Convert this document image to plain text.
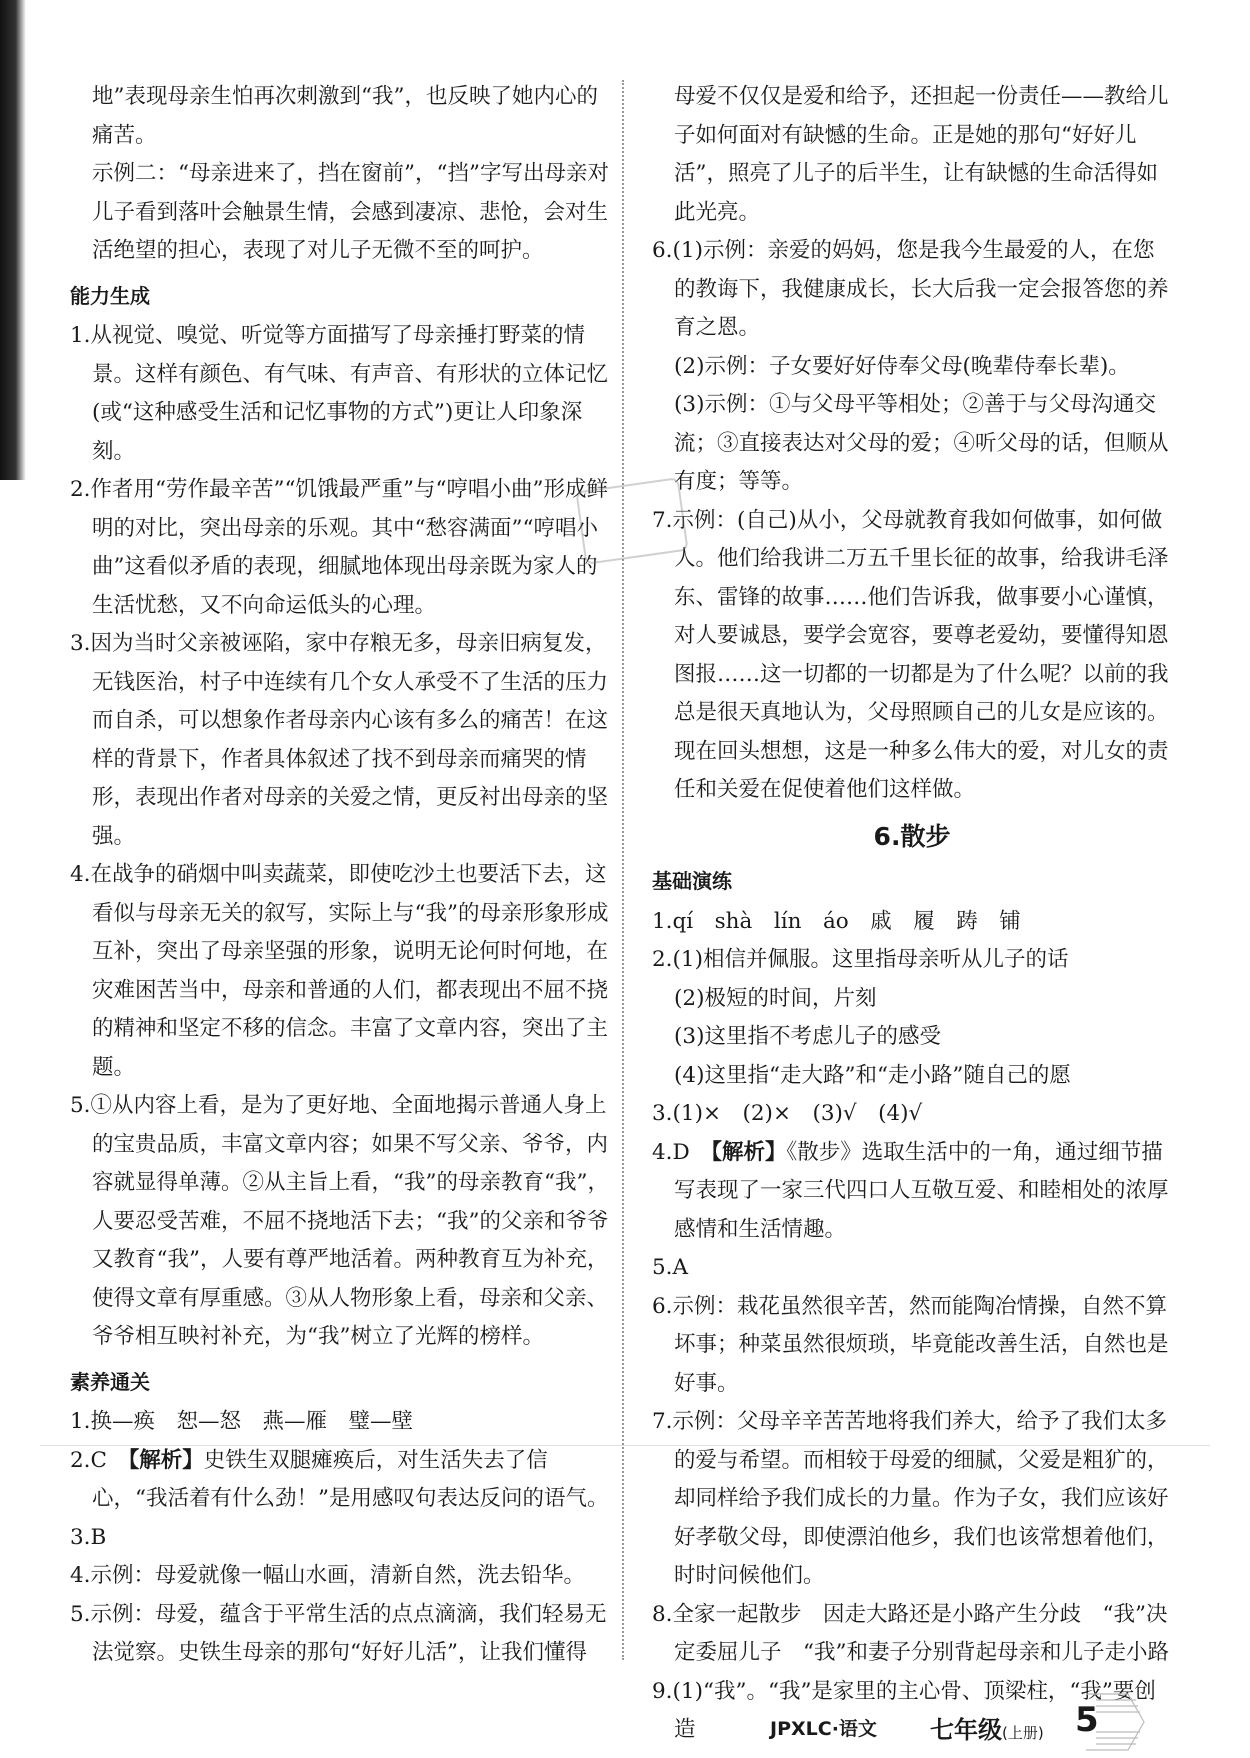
地”表现母亲生怕再次刺激到“我”，也反映了她内心的痛苦。

示例二：“母亲进来了，挡在窗前”，“挡”字写出母亲对儿子看到落叶会触景生情，会感到凄凉、悲怆，会对生活绝望的担心，表现了对儿子无微不至的呵护。

能力生成

1.从视觉、嗅觉、听觉等方面描写了母亲捶打野菜的情景。这样有颜色、有气味、有声音、有形状的立体记忆(或“这种感受生活和记忆事物的方式”)更让人印象深刻。

2.作者用“劳作最辛苦”“饥饿最严重”与“哼唱小曲”形成鲜明的对比，突出母亲的乐观。其中“愁容满面”“哼唱小曲”这看似矛盾的表现，细腻地体现出母亲既为家人的生活忧愁，又不向命运低头的心理。

3.因为当时父亲被诬陷，家中存粮无多，母亲旧病复发，无钱医治，村子中连续有几个女人承受不了生活的压力而自杀，可以想象作者母亲内心该有多么的痛苦！在这样的背景下，作者具体叙述了找不到母亲而痛哭的情形，表现出作者对母亲的关爱之情，更反衬出母亲的坚强。

4.在战争的硝烟中叫卖蔬菜，即使吃沙土也要活下去，这看似与母亲无关的叙写，实际上与“我”的母亲形象形成互补，突出了母亲坚强的形象，说明无论何时何地，在灾难困苦当中，母亲和普通的人们，都表现出不屈不挠的精神和坚定不移的信念。丰富了文章内容，突出了主题。

5.①从内容上看，是为了更好地、全面地揭示普通人身上的宝贵品质，丰富文章内容；如果不写父亲、爷爷，内容就显得单薄。②从主旨上看，“我”的母亲教育“我”，人要忍受苦难，不屈不挠地活下去；“我”的父亲和爷爷又教育“我”，人要有尊严地活着。两种教育互为补充，使得文章有厚重感。③从人物形象上看，母亲和父亲、爷爷相互映衬补充，为“我”树立了光辉的榜样。

素养通关

1.换—痪　恕—怒　燕—雁　璧—壁

2.C　【解析】史铁生双腿瘫痪后，对生活失去了信心，“我活着有什么劲！”是用感叹句表达反问的语气。

3.B

4.示例：母爱就像一幅山水画，清新自然，洗去铅华。

5.示例：母爱，蕴含于平常生活的点点滴滴，我们轻易无法觉察。史铁生母亲的那句“好好儿活”，让我们懂得

母爱不仅仅是爱和给予，还担起一份责任——教给儿子如何面对有缺憾的生命。正是她的那句“好好儿活”，照亮了儿子的后半生，让有缺憾的生命活得如此光亮。

6.(1)示例：亲爱的妈妈，您是我今生最爱的人，在您的教诲下，我健康成长，长大后我一定会报答您的养育之恩。

(2)示例：子女要好好侍奉父母(晚辈侍奉长辈)。

(3)示例：①与父母平等相处；②善于与父母沟通交流；③直接表达对父母的爱；④听父母的话，但顺从有度；等等。

7.示例：(自己)从小，父母就教育我如何做事，如何做人。他们给我讲二万五千里长征的故事，给我讲毛泽东、雷锋的故事……他们告诉我，做事要小心谨慎，对人要诚恳，要学会宽容，要尊老爱幼，要懂得知恩图报……这一切都的一切都是为了什么呢？以前的我总是很天真地认为，父母照顾自己的儿女是应该的。现在回头想想，这是一种多么伟大的爱，对儿女的责任和关爱在促使着他们这样做。

6.散步
基础演练

1.qí　shà　lín　áo　戚　履　踌　铺

2.(1)相信并佩服。这里指母亲听从儿子的话

(2)极短的时间，片刻

(3)这里指不考虑儿子的感受

(4)这里指“走大路”和“走小路”随自己的愿

3.(1)×　(2)×　(3)√　(4)√

4.D　【解析】《散步》选取生活中的一角，通过细节描写表现了一家三代四口人互敬互爱、和睦相处的浓厚感情和生活情趣。

5.A

6.示例：栽花虽然很辛苦，然而能陶冶情操，自然不算坏事；种菜虽然很烦琐，毕竟能改善生活，自然也是好事。

7.示例：父母辛辛苦苦地将我们养大，给予了我们太多的爱与希望。而相较于母爱的细腻，父爱是粗犷的，却同样给予我们成长的力量。作为子女，我们应该好好孝敬父母，即使漂泊他乡，我们也该常想着他们，时时问候他们。

8.全家一起散步　因走大路还是小路产生分歧　“我”决定委屈儿子　“我”和妻子分别背起母亲和儿子走小路

9.(1)“我”。“我”是家里的主心骨、顶梁柱，“我”要创造	JPXLC·语文 七年级(上册) 5
